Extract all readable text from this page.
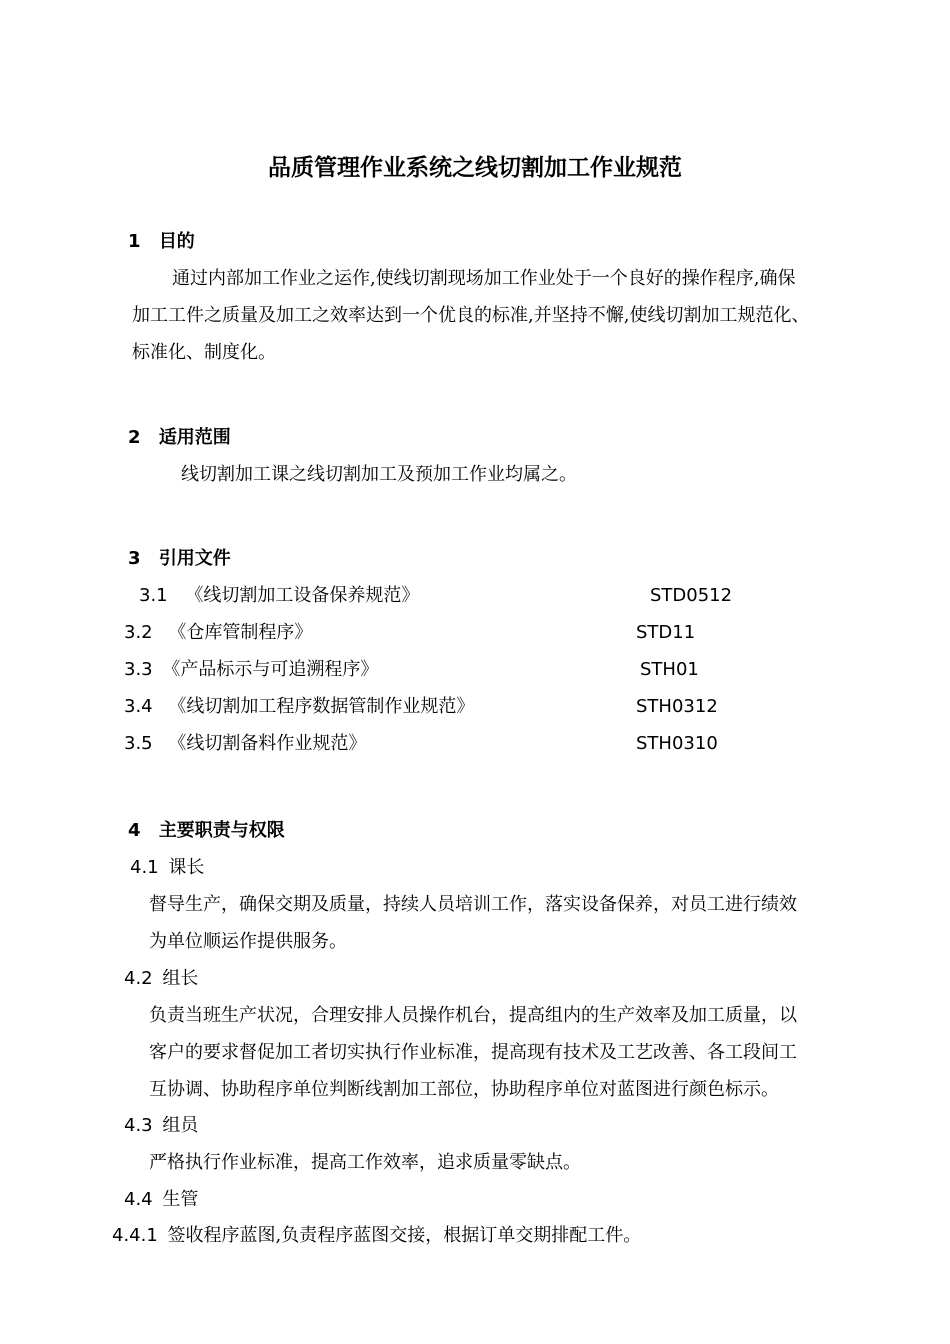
品质管理作业系统之线切割加工作业规范
1 目的
通过内部加工作业之运作,使线切割现场加工作业处于一个良好的操作程序,确保
加工工件之质量及加工之效率达到一个优良的标准,并坚持不懈,使线切割加工规范化、
标准化、制度化。
2 适用范围
线切割加工课之线切割加工及预加工作业均属之。
3 引用文件
3.1 《线切割加工设备保养规范》	STD0512
3.2 《仓库管制程序》	STD11
3.3 《产品标示与可追溯程序》	STH01
3.4 《线切割加工程序数据管制作业规范》	STH0312
3.5 《线切割备料作业规范》	STH0310
4 主要职责与权限
4.1 课长
督导生产，确保交期及质量，持续人员培训工作，落实设备保养，对员工进行绩效
为单位顺运作提供服务。
4.2 组长
负责当班生产状况，合理安排人员操作机台，提高组内的生产效率及加工质量，以
客户的要求督促加工者切实执行作业标准，提高现有技术及工艺改善、各工段间工
互协调、协助程序单位判断线割加工部位，协助程序单位对蓝图进行颜色标示。
4.3 组员
严格执行作业标准，提高工作效率，追求质量零缺点。
4.4 生管
4.4.1 签收程序蓝图,负责程序蓝图交接，根据订单交期排配工件。
